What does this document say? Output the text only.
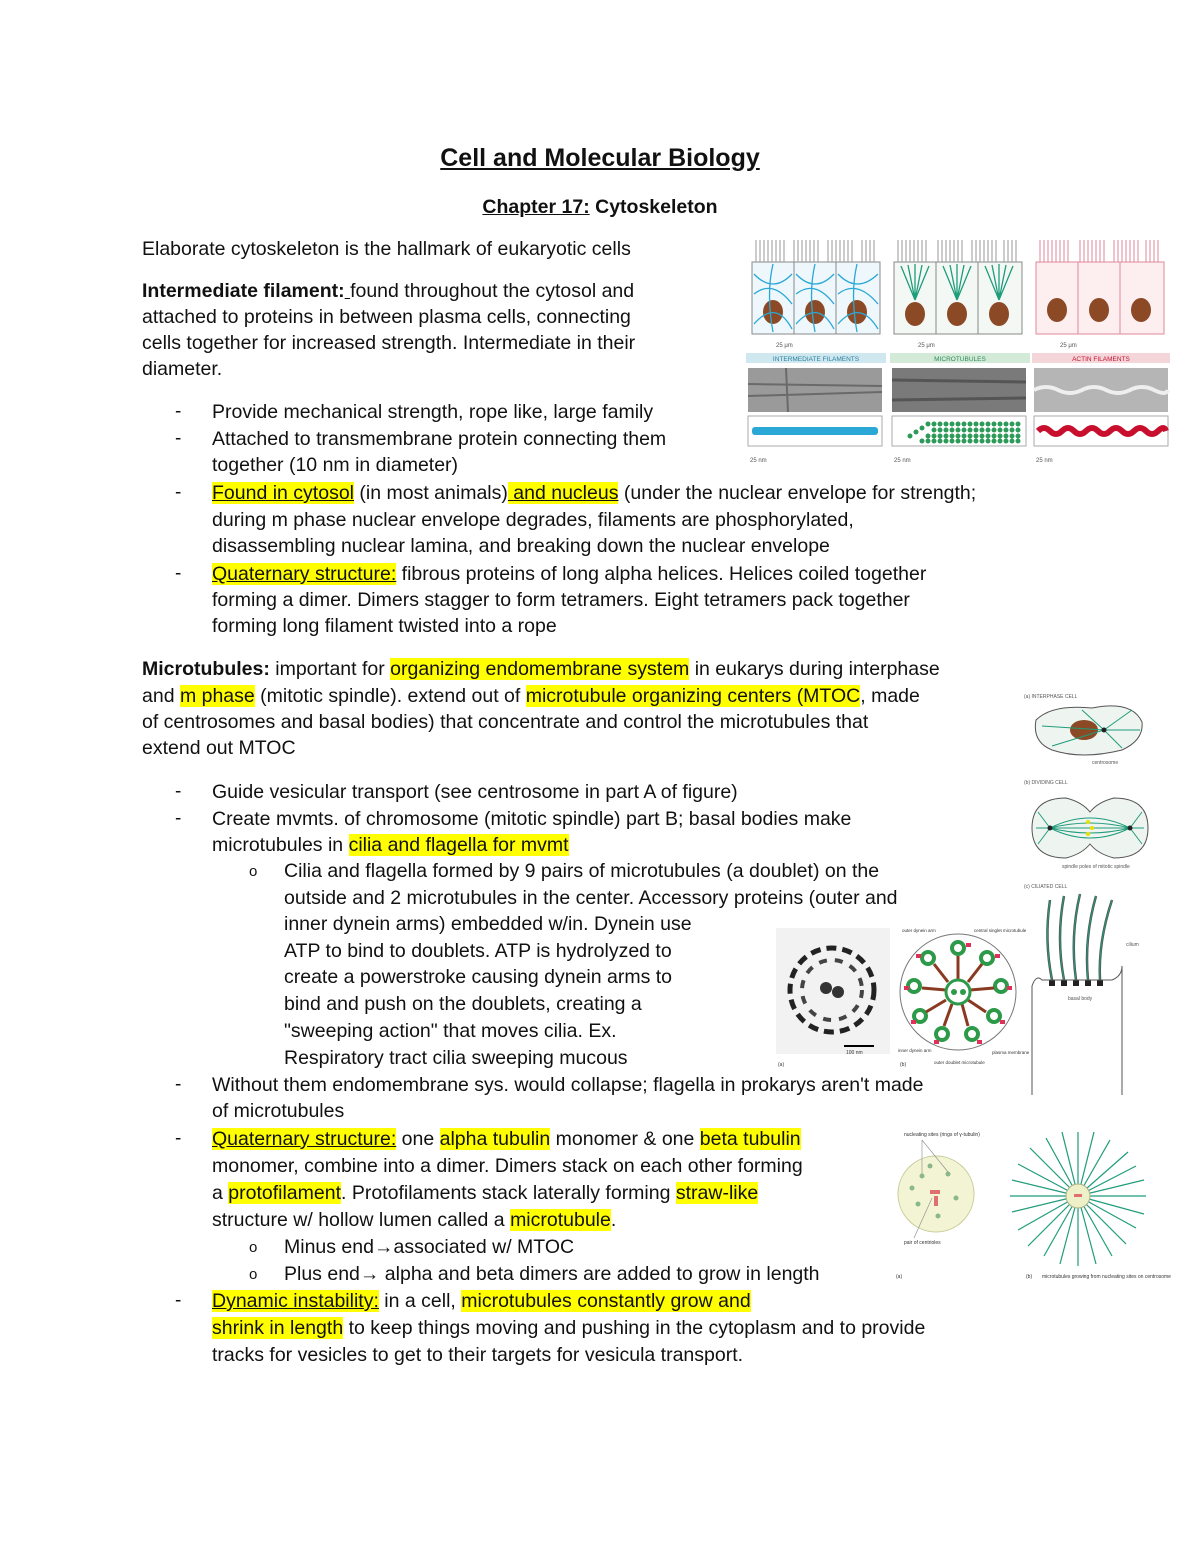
Cell and Molecular Biology
Chapter 17: Cytoskeleton
Elaborate cytoskeleton is the hallmark of eukaryotic cells
Intermediate filament: found throughout the cytosol and
attached to proteins in between plasma cells, connecting
cells together for increased strength. Intermediate in their
diameter.
- Provide mechanical strength, rope like, large family
- Attached to transmembrane protein connecting them
together (10 nm in diameter)
- Found in cytosol (in most animals) and nucleus (under the nuclear envelope for strength;
during m phase nuclear envelope degrades, filaments are phosphorylated,
disassembling nuclear lamina, and breaking down the nuclear envelope
- Quaternary structure: fibrous proteins of long alpha helices. Helices coiled together
forming a dimer. Dimers stagger to form tetramers. Eight tetramers pack together
forming long filament twisted into a rope
Microtubules: important for organizing endomembrane system in eukarys during interphase
and m phase (mitotic spindle). extend out of microtubule organizing centers (MTOC, made
of centrosomes and basal bodies) that concentrate and control the microtubules that
extend out MTOC
- Guide vesicular transport (see centrosome in part A of figure)
- Create mvmts. of chromosome (mitotic spindle) part B; basal bodies make
microtubules in cilia and flagella for mvmt
o Cilia and flagella formed by 9 pairs of microtubules (a doublet) on the
outside and 2 microtubules in the center. Accessory proteins (outer and
inner dynein arms) embedded w/in. Dynein use
ATP to bind to doublets. ATP is hydrolyzed to
create a powerstroke causing dynein arms to
bind and push on the doublets, creating a
"sweeping action" that moves cilia. Ex.
Respiratory tract cilia sweeping mucous
- Without them endomembrane sys. would collapse; flagella in prokarys aren't made
of microtubules
- Quaternary structure: one alpha tubulin monomer & one beta tubulin
monomer, combine into a dimer. Dimers stack on each other forming
a protofilament. Protofilaments stack laterally forming straw-like
structure w/ hollow lumen called a microtubule.
o Minus end→associated w/ MTOC
o Plus end→ alpha and beta dimers are added to grow in length
- Dynamic instability: in a cell, microtubules constantly grow and
shrink in length to keep things moving and pushing in the cytoplasm and to provide
tracks for vesicles to get to their targets for vesicula transport.
25 μm
INTERMEDIATE FILAMENTS
25 nm
25 μm
MICROTUBULES
25 nm
25 μm
ACTIN FILAMENTS
25 nm
(a) INTERPHASE CELL
centrosome
(b) DIVIDING CELL
spindle poles of mitotic spindle
(c) CILIATED CELL
cilium
basal body
100 nm
(a)
outer dynein arm	central singlet microtubule
plasma membrane
inner dynein arm
outer doublet microtubule
(b)
nucleating sites (rings of γ-tubulin)
pair of centrioles
(a)	(b) microtubules growing from nucleating sites on centrosome
